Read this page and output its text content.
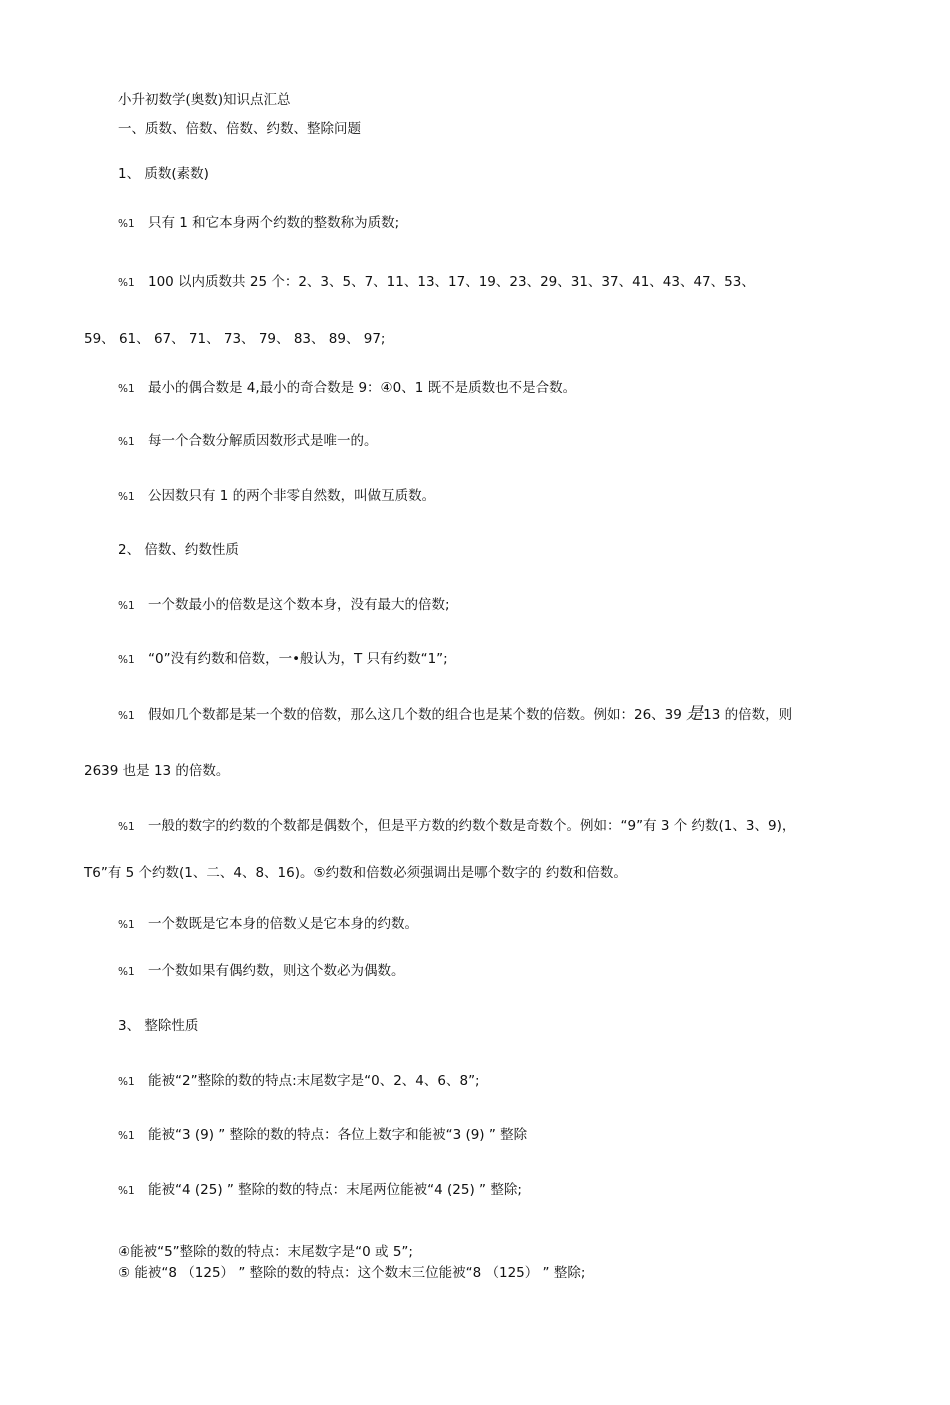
小升初数学(奥数)知识点汇总
一、质数、倍数、倍数、约数、整除问题
1、 质数(素数)
%1 只有 1 和它本身两个约数的整数称为质数;
%1 100 以内质数共 25 个：2、3、5、7、11、13、17、19、23、29、31、37、41、43、47、53、
59、 61、 67、 71、 73、 79、 83、 89、 97;
%1 最小的偶合数是 4,最小的奇合数是 9：④0、1 既不是质数也不是合数。
%1 每一个合数分解质因数形式是唯一的。
%1 公因数只有 1 的两个非零自然数，叫做互质数。
2、 倍数、约数性质
%1 一个数最小的倍数是这个数本身，没有最大的倍数;
%1 “0”没有约数和倍数，一•般认为，T 只有约数“1”;
%1 假如几个数都是某一个数的倍数，那么这几个数的组合也是某个数的倍数。例如：26、39 是13 的倍数，则
2639 也是 13 的倍数。
%1 一般的数字的约数的个数都是偶数个，但是平方数的约数个数是奇数个。例如：“9”有 3 个 约数(1、3、9)，
T6”有 5 个约数(1、二、4、8、16)。⑤约数和倍数必须强调出是哪个数字的 约数和倍数。
%1 一个数既是它本身的倍数乂是它本身的约数。
%1 一个数如果有偶约数，则这个数必为偶数。
3、 整除性质
%1 能被“2”整除的数的特点:末尾数字是“0、2、4、6、8”;
%1 能被“3 (9) ” 整除的数的特点：各位上数字和能被“3 (9) ” 整除
%1 能被“4 (25) ” 整除的数的特点：末尾两位能被“4 (25) ” 整除;
④能被“5”整除的数的特点：末尾数字是“0 或 5”;
⑤ 能被“8 （125） ” 整除的数的特点：这个数末三位能被“8 （125） ” 整除;
